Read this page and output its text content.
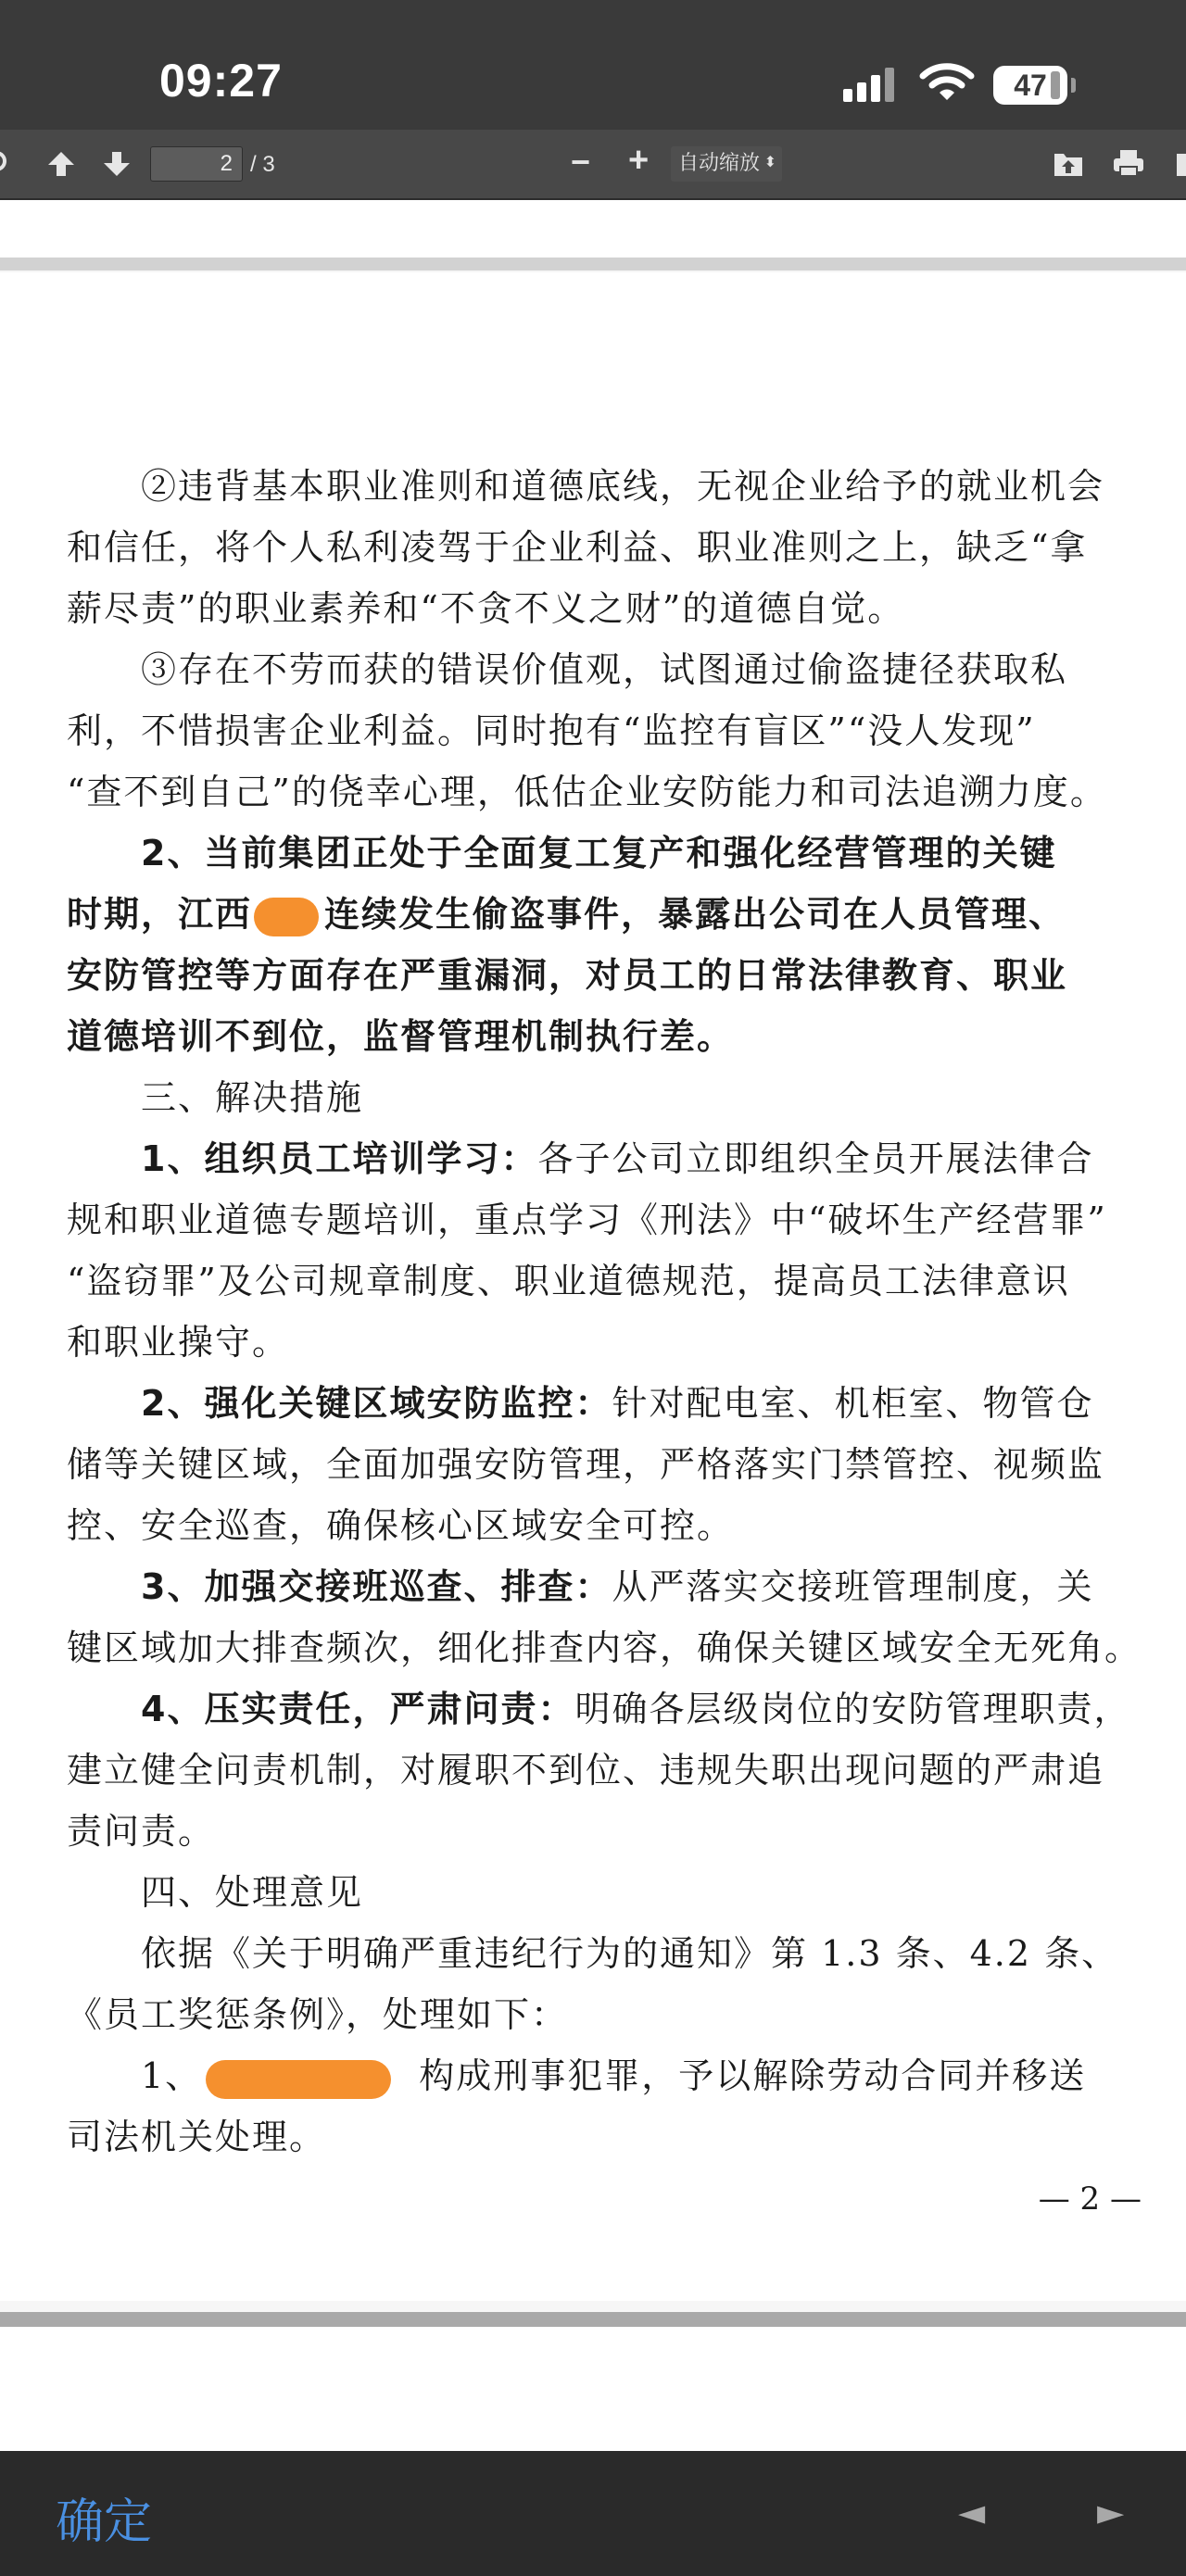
09:27	47
2 / 3	− +	自动缩放 ⬍
②违背基本职业准则和道德底线，无视企业给予的就业机会
和信任，将个人私利凌驾于企业利益、职业准则之上，缺乏“拿
薪尽责”的职业素养和“不贪不义之财”的道德自觉。
③存在不劳而获的错误价值观，试图通过偷盗捷径获取私
利，不惜损害企业利益。同时抱有“监控有盲区”“没人发现”
“查不到自己”的侥幸心理，低估企业安防能力和司法追溯力度。
2、当前集团正处于全面复工复产和强化经营管理的关键
时期，江西 连续发生偷盗事件，暴露出公司在人员管理、
安防管控等方面存在严重漏洞，对员工的日常法律教育、职业
道德培训不到位，监督管理机制执行差。
三、解决措施
1、组织员工培训学习：各子公司立即组织全员开展法律合
规和职业道德专题培训，重点学习《刑法》中“破坏生产经营罪”
“盗窃罪”及公司规章制度、职业道德规范，提高员工法律意识
和职业操守。
2、强化关键区域安防监控：针对配电室、机柜室、物管仓
储等关键区域，全面加强安防管理，严格落实门禁管控、视频监
控、安全巡查，确保核心区域安全可控。
3、加强交接班巡查、排查：从严落实交接班管理制度，关
键区域加大排查频次，细化排查内容，确保关键区域安全无死角。
4、压实责任，严肃问责：明确各层级岗位的安防管理职责，
建立健全问责机制，对履职不到位、违规失职出现问题的严肃追
责问责。
四、处理意见
依据《关于明确严重违纪行为的通知》第 1.3 条、4.2 条、
《员工奖惩条例》，处理如下：
1、	构成刑事犯罪，予以解除劳动合同并移送
司法机关处理。
— 2 —
确定	◄	►
